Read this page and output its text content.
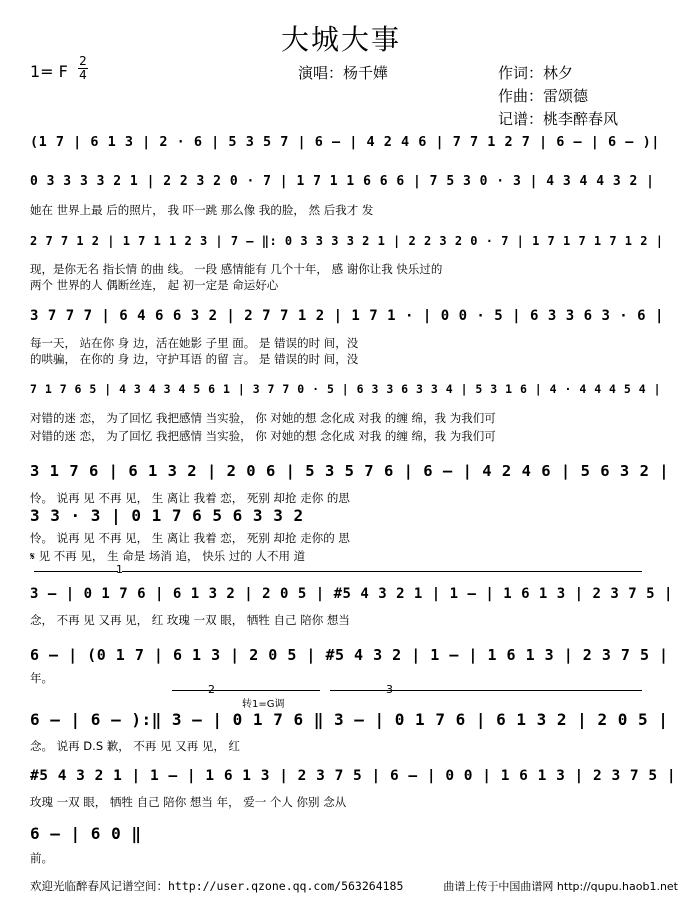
大城大事
1= F
2
4	演唱：杨千嬅	作词：林夕
作曲：雷颂德
记谱：桃李醉春风
(1 7 | 6 1 3 | 2 · 6 | 5 3 5 7 | 6 – | 4 2 4 6 | 7 7 1 2 7 | 6 – | 6 – )|
0 3 3 3 3 2 1 | 2 2 3 2 0 · 7 | 1 7 1 1 6 6 6 | 7 5 3 0 · 3 | 4 3 4 4 3 2 |
她在 世界上最 后的照片， 我 吓一跳 那么像 我的脸， 然 后我才 发
2 7 7 1 2 | 1 7 1 1 2 3 | 7 – ‖: 0 3 3 3 3 2 1 | 2 2 3 2 0 · 7 | 1 7 1 7 1 7 1 2 |
现，是你无名 指长情 的曲 线。 一段 感情能有 几个十年， 感 谢你让我 快乐过的
两个 世界的人 偶断丝连， 起 初一定是 命运好心
3 7 7 7 | 6 4 6 6 3 2 | 2 7 7 1 2 | 1 7 1 · | 0 0 · 5 | 6 3 3 6 3 · 6 |
每一天， 站在你 身 边，活在她影 子里 面。 是 错误的时 间，没
的哄骗， 在你的 身 边，守护耳语 的留 言。 是 错误的时 间，没
7 1 7 6 5 | 4 3 4 3 4 5 6 1 | 3 7 7 0 · 5 | 6 3 3 6 3 3 4 | 5 3 1 6 | 4 · 4 4 4 5 4 |
对错的迷 恋， 为了回忆 我把感情 当实验， 你 对她的想 念化成 对我 的缠 绵，我 为我们可
对错的迷 恋， 为了回忆 我把感情 当实验， 你 对她的想 念化成 对我 的缠 绵，我 为我们可
3 1 7 6 | 6 1 3 2 | 2 0 6 | 5 3 5 7 6 | 6 – | 4 2 4 6 | 5 6 3 2 |
怜。 说再 见 不再 见， 生 离让 我着 恋， 死别 却抢 走你 的思
3 3 · 3 | 0 1 7 6 5 6 3 3 2
怜。 说再 见 不再 见， 生 离让 我着 恋， 死别 却抢 走你的 思
𝄋 见 不再 见， 生 命是 场消 追， 快乐 过的 人不用 道
1
3 – | 0 1 7 6 | 6 1 3 2 | 2 0 5 | #5 4 3 2 1 | 1 – | 1 6 1 3 | 2 3 7 5 |
念， 不再 见 又再 见， 红 玫瑰 一双 眼， 牺牲 自己 陪你 想当
6 – | (0 1 7 | 6 1 3 | 2 0 5 | #5 4 3 2 | 1 – | 1 6 1 3 | 2 3 7 5 |
年。
2
转1=G调
3
6 – | 6 – ):‖ 3 – | 0 1 7 6 ‖ 3 – | 0 1 7 6 | 6 1 3 2 | 2 0 5 |
念。 说再 D.S 歉， 不再 见 又再 见， 红
#5 4 3 2 1 | 1 – | 1 6 1 3 | 2 3 7 5 | 6 – | 0 0 | 1 6 1 3 | 2 3 7 5 |
玫瑰 一双 眼， 牺牲 自己 陪你 想当 年， 爱一 个人 你别 念从
6 – | 6 0 ‖
前。
欢迎光临醉春风记谱空间：http://user.qzone.qq.com/563264185	曲谱上传于中国曲谱网 http://qupu.haob1.net
